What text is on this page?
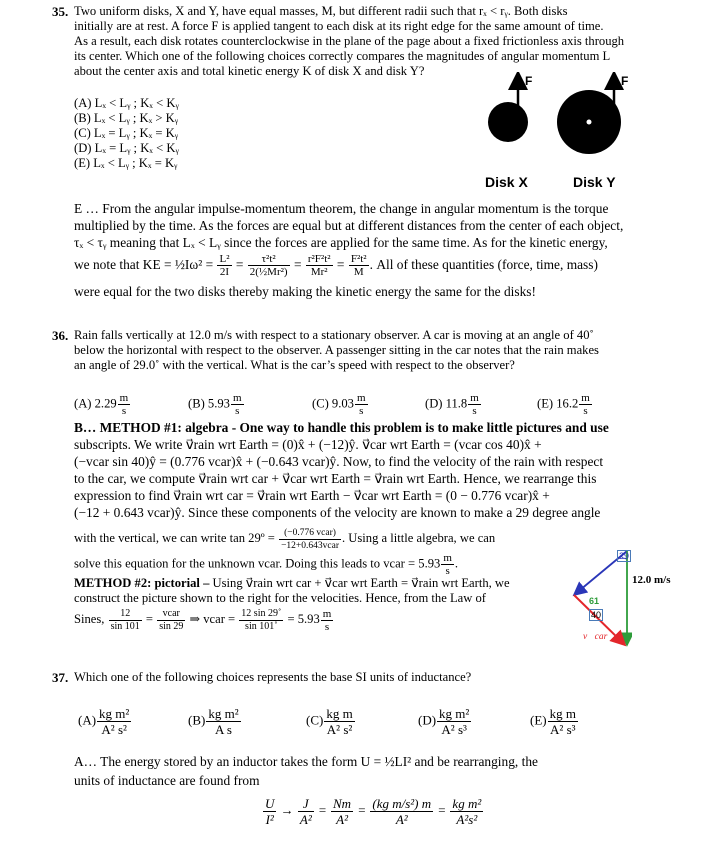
35. Two uniform disks, X and Y, have equal masses, M, but different radii such that rₓ < rᵧ. Both disks
initially are at rest. A force F is applied tangent to each disk at its right edge for the same amount of time.
As a result, each disk rotates counterclockwise in the plane of the page about a fixed frictionless axis through
its center. Which one of the following choices correctly compares the magnitudes of angular momentum L
about the center axis and total kinetic energy K of disk X and disk Y?
(A) Lₓ < Lᵧ ; Kₓ < Kᵧ
(B) Lₓ < Lᵧ ; Kₓ > Kᵧ
(C) Lₓ = Lᵧ ; Kₓ = Kᵧ
(D) Lₓ = Lᵧ ; Kₓ < Kᵧ
(E) Lₓ < Lᵧ ; Kₓ = Kᵧ
F	F
Disk X	Disk Y
E … From the angular impulse-momentum theorem, the change in angular momentum is the torque
multiplied by the time. As the forces are equal but at different distances from the center of each object,
τₓ < τᵧ meaning that Lₓ < Lᵧ since the forces are applied for the same time. As for the kinetic energy,
we note that KE = ½Iω² = $\frac{\text{L²}}{2I} = \frac{\text{τ²t²}}{\text{2(½Mr²)}} = \frac{\text{r²F²t²}}{\text{Mr²}} = \frac{\text{F²t²}}{M}$ . All of these quantities (force, time, mass)
were equal for the two disks thereby making the kinetic energy the same for the disks!
36. Rain falls vertically at 12.0 m/s with respect to a stationary observer. A car is moving at an angle of 40˚
below the horizontal with respect to the observer. A passenger sitting in the car notes that the rain makes
an angle of 29.0˚ with the vertical. What is the car’s speed with respect to the observer?
(A) $2.29 \frac{m}{s}$	(B) $5.93 \frac{m}{s}$	(C) $9.03 \frac{m}{s}$	(D) $11.8 \frac{m}{s}$	(E) $16.2 \frac{m}{s}$
B… METHOD #1: algebra - One way to handle this problem is to make little pictures and use
subscripts. We write v⃗rain wrt Earth = (0)x̂ + (−12)ŷ. v⃗car wrt Earth = (vcar cos 40)x̂ +
(−vcar sin 40)ŷ = (0.776 vcar)x̂ + (−0.643 vcar)ŷ. Now, to find the velocity of the rain with respect
to the car, we compute v⃗rain wrt car + v⃗car wrt Earth = v⃗rain wrt Earth. Hence, we rearrange this
expression to find v⃗rain wrt car = v⃗rain wrt Earth − v⃗car wrt Earth = (0 − 0.776 vcar)x̂ +
(−12 + 0.643 vcar)ŷ. Since these components of the velocity are known to make a 29 degree angle
with the vertical, we can write tan 29º = $\frac{\text{(−0.776 vcar)}}{\text{−12+0.643vcar}}$ . Using a little algebra, we can
solve this equation for the unknown vcar. Doing this leads to vcar = $5.93 \frac{m}{s}$ .
METHOD #2: pictorial – Using v⃗rain wrt car + v⃗car wrt Earth = v⃗rain wrt Earth, we
construct the picture shown to the right for the velocities. Hence, from the Law of
Sines, $\frac{12}{\sin 101} = \frac{\text{vcar}}{\sin 29}$ ⇒ vcar = $\frac{12 \sin 29˚}{\sin 101˚} = 5.93 \frac{m}{s}$
29
61
40
12.0 m/s
v⃗car
37. Which one of the following choices represents the base SI units of inductance?
$(A) \frac{\text{kg m²}}{\text{A² s²}}$	$(B) \frac{\text{kg m²}}{\text{A s}}$	$(C) \frac{\text{kg m}}{\text{A² s²}}$	$(D) \frac{\text{kg m²}}{\text{A² s³}}$	$(E) \frac{\text{kg m}}{\text{A² s³}}$
A… The energy stored by an inductor takes the form U = ½LI² and be rearranging, the
units of inductance are found from
$\frac{U}{\text{I²}} \to \frac{J}{\text{A²}} = \frac{Nm}{\text{A²}} = \frac{\text{(kg m/s²) m}}{\text{A²}} = \frac{\text{kg m²}}{\text{A²s²}}$
